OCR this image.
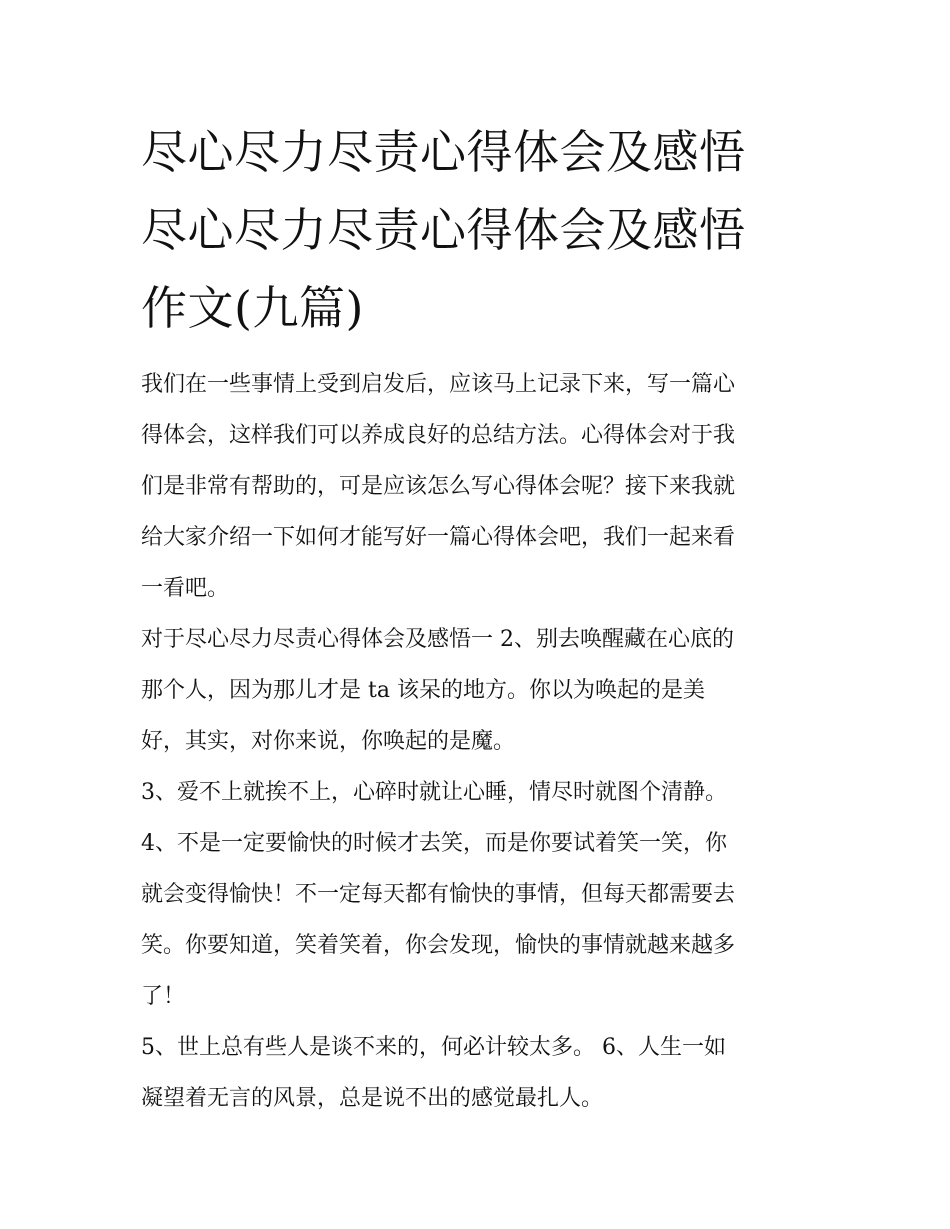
尽心尽力尽责心得体会及感悟
尽心尽力尽责心得体会及感悟
作文(九篇)

我们在一些事情上受到启发后，应该马上记录下来，写一篇心
得体会，这样我们可以养成良好的总结方法。心得体会对于我
们是非常有帮助的，可是应该怎么写心得体会呢？接下来我就
给大家介绍一下如何才能写好一篇心得体会吧，我们一起来看
一看吧。

对于尽心尽力尽责心得体会及感悟一 2、别去唤醒藏在心底的
那个人，因为那儿才是 ta 该呆的地方。你以为唤起的是美
好，其实，对你来说，你唤起的是魔。

3、爱不上就挨不上，心碎时就让心睡，情尽时就图个清静。

4、不是一定要愉快的时候才去笑，而是你要试着笑一笑，你
就会变得愉快！不一定每天都有愉快的事情，但每天都需要去
笑。你要知道，笑着笑着，你会发现，愉快的事情就越来越多
了！

5、世上总有些人是谈不来的，何必计较太多。 6、人生一如
凝望着无言的风景，总是说不出的感觉最扎人。
